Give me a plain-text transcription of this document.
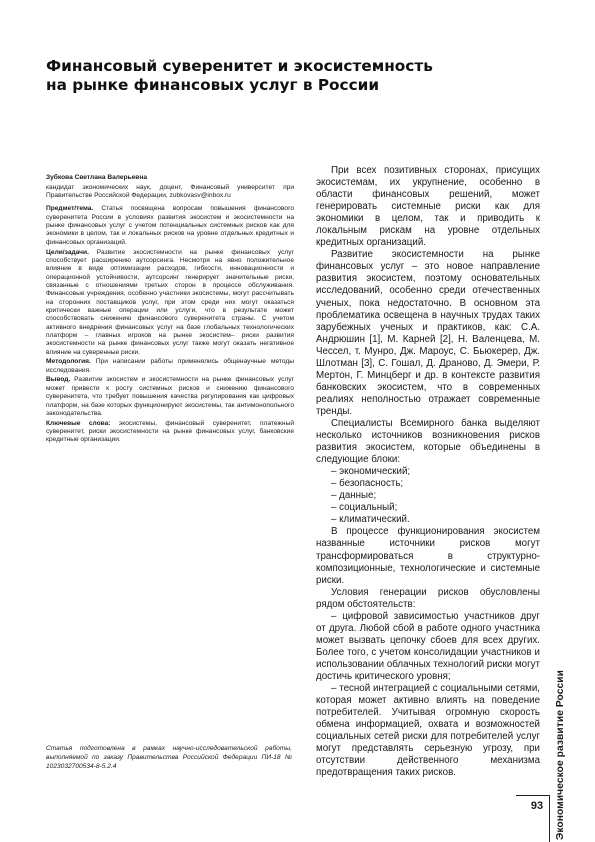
Финансовый суверенитет и экосистемность
на рынке финансовых услуг в России

Зубкова Светлана Валерьевна

кандидат экономических наук, доцент, Финансовый университет при Правительстве Российской Федерации, zubkovasv@inbox.ru

Предмет/тема. Статья посвящена вопросам повышения финансового суверенитета России в условиях развития экосистем и экосистемности на рынке финансовых услуг с учетом потенциальных системных рисков как для экономики в целом, так и локальных рисков на уровне отдельных кредитных и финансовых организаций.

Цели/задачи. Развитие экосистемности на рынке финансовых услуг способствует расширению аутсорсинга. Несмотря на явно положительное влияние в виде оптимизации расходов, гибкости, инновационности и операционной устойчивости, аутсорсинг генерирует значительные риски, связанные с отношениями третьих сторон в процессе обслуживания. Финансовые учреждения, особенно участники экосистемы, могут рассчитывать на сторонних поставщиков услуг, при этом среди них могут оказаться критически важные операции или услуги, что в результате может способствовать снижению финансового суверенитета страны. С учетом активного внедрения финансовых услуг на базе глобальных технологических платформ – главных игроков на рынке экосистем– риски развития экосистемности на рынке финансовых услуг также могут оказать негативное влияние на суверенные риски.

Методология. При написании работы применялись общенаучные методы исследования.

Вывод. Развитие экосистем и экосистемности на рынке финансовых услуг может привести к росту системных рисков и снижению финансового суверенитета, что требует повышения качества регулирования как цифровых платформ, на базе которых функционируют экосистемы, так антимонопольного законодательства.

Ключевые слова: экосистемы, финансовый суверенитет, платежный суверенитет, риски экосистемности на рынке финансовых услуг, банковские кредитные организации.

Статья подготовлена в рамках научно-исследовательской работы, выполняемой по заказу Правительства Российской Федерации ПИ-18 № 1023032700534-8-5.2.4

При всех позитивных сторонах, присущих экосистемам, их укрупнение, особенно в области финансовых решений, может генерировать системные риски как для экономики в целом, так и приводить к локальным рискам на уровне отдельных кредитных организаций.

Развитие экосистемности на рынке финансовых услуг – это новое направление развития экосистем, поэтому основательных исследований, особенно среди отечественных ученых, пока недостаточно. В основном эта проблематика освещена в научных трудах таких зарубежных ученых и практиков, как: С.А. Андрюшин [1], М. Карней [2], Н. Валенцева, М. Чессел, т. Мунро, Дж. Мароус, С. Бьюкерер, Дж. Шлотман [3], С. Гошал, Д. Драново, Д. Эмери, Р. Мертон, Г. Минцберг и др. в контексте развития банковских экосистем, что в современных реалиях неполностью отражает современные тренды.

Специалисты Всемирного банка выделяют несколько источников возникновения рисков развития экосистем, которые объединены в следующие блоки:

– экономический;

– безопасность;

– данные;

– социальный;

– климатический.

В процессе функционирования экосистем названные источники рисков могут трансформироваться в структурно-композиционные, технологические и системные риски.

Условия генерации рисков обусловлены рядом обстоятельств:

– цифровой зависимостью участников друг от друга. Любой сбой в работе одного участника может вызвать цепочку сбоев для всех других. Более того, с учетом консолидации участников и использовании облачных технологий риски могут достичь критического уровня;

– тесной интеграцией с социальными сетями, которая может активно влиять на поведение потребителей. Учитывая огромную скорость обмена информацией, охвата и возможностей социальных сетей риски для потребителей услуг могут представлять серьезную угрозу, при отсутствии действенного механизма предотвращения таких рисков.	Экономическое развитие России
93
